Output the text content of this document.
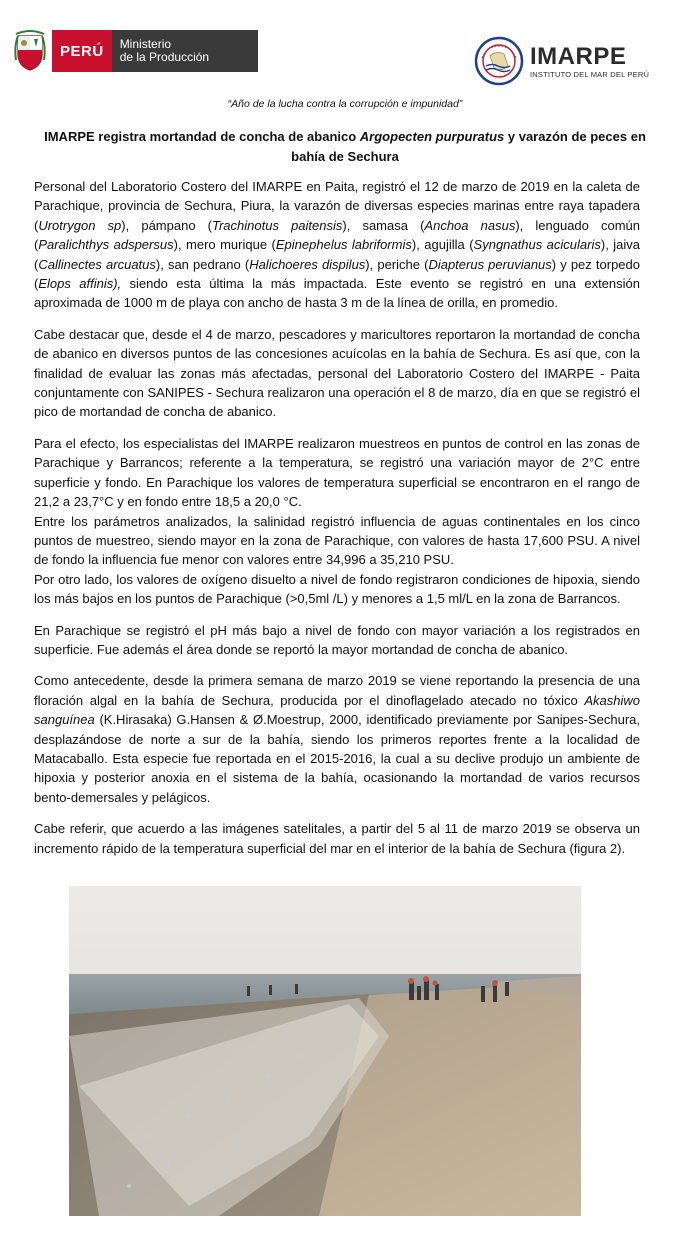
PERÚ	Ministerio
de la Producción	IMARPE
INSTITUTO DEL MAR DEL PERÚ
“Año de la lucha contra la corrupción e impunidad”
IMARPE registra mortandad de concha de abanico Argopecten purpuratus y varazón de peces en bahía de Sechura

Personal del Laboratorio Costero del IMARPE en Paita, registró el 12 de marzo de 2019 en la caleta de Parachique, provincia de Sechura, Piura, la varazón de diversas especies marinas entre raya tapadera (Urotrygon sp), pámpano (Trachinotus paitensis), samasa (Anchoa nasus), lenguado común (Paralichthys adspersus), mero murique (Epinephelus labriformis), agujilla (Syngnathus acicularis), jaiva (Callinectes arcuatus), san pedrano (Halichoeres dispilus), periche (Diapterus peruvianus) y pez torpedo (Elops affinis), siendo esta última la más impactada. Este evento se registró en una extensión aproximada de 1000 m de playa con ancho de hasta 3 m de la línea de orilla, en promedio.

Cabe destacar que, desde el 4 de marzo, pescadores y maricultores reportaron la mortandad de concha de abanico en diversos puntos de las concesiones acuícolas en la bahía de Sechura. Es así que, con la finalidad de evaluar las zonas más afectadas, personal del Laboratorio Costero del IMARPE - Paita conjuntamente con SANIPES - Sechura realizaron una operación el 8 de marzo, día en que se registró el pico de mortandad de concha de abanico.

Para el efecto, los especialistas del IMARPE realizaron muestreos en puntos de control en las zonas de Parachique y Barrancos; referente a la temperatura, se registró una variación mayor de 2°C entre superficie y fondo. En Parachique los valores de temperatura superficial se encontraron en el rango de 21,2 a 23,7°C y en fondo entre 18,5 a 20,0 °C.

Entre los parámetros analizados, la salinidad registró influencia de aguas continentales en los cinco puntos de muestreo, siendo mayor en la zona de Parachique, con valores de hasta 17,600 PSU. A nivel de fondo la influencia fue menor con valores entre 34,996 a 35,210 PSU.

Por otro lado, los valores de oxígeno disuelto a nivel de fondo registraron condiciones de hipoxia, siendo los más bajos en los puntos de Parachique (>0,5ml /L) y menores a 1,5 ml/L en la zona de Barrancos.

En Parachique se registró el pH más bajo a nivel de fondo con mayor variación a los registrados en superficie. Fue además el área donde se reportó la mayor mortandad de concha de abanico.

Como antecedente, desde la primera semana de marzo 2019 se viene reportando la presencia de una floración algal en la bahía de Sechura, producida por el dinoflagelado atecado no tóxico Akashiwo sanguínea (K.Hirasaka) G.Hansen & Ø.Moestrup, 2000, identificado previamente por Sanipes-Sechura, desplazándose de norte a sur de la bahía, siendo los primeros reportes frente a la localidad de Matacaballo. Esta especie fue reportada en el 2015-2016, la cual a su declive produjo un ambiente de hipoxia y posterior anoxia en el sistema de la bahía, ocasionando la mortandad de varios recursos bento-demersales y pelágicos.

Cabe referir, que acuerdo a las imágenes satelitales, a partir del 5 al 11 de marzo 2019 se observa un incremento rápido de la temperatura superficial del mar en el interior de la bahía de Sechura (figura 2).
